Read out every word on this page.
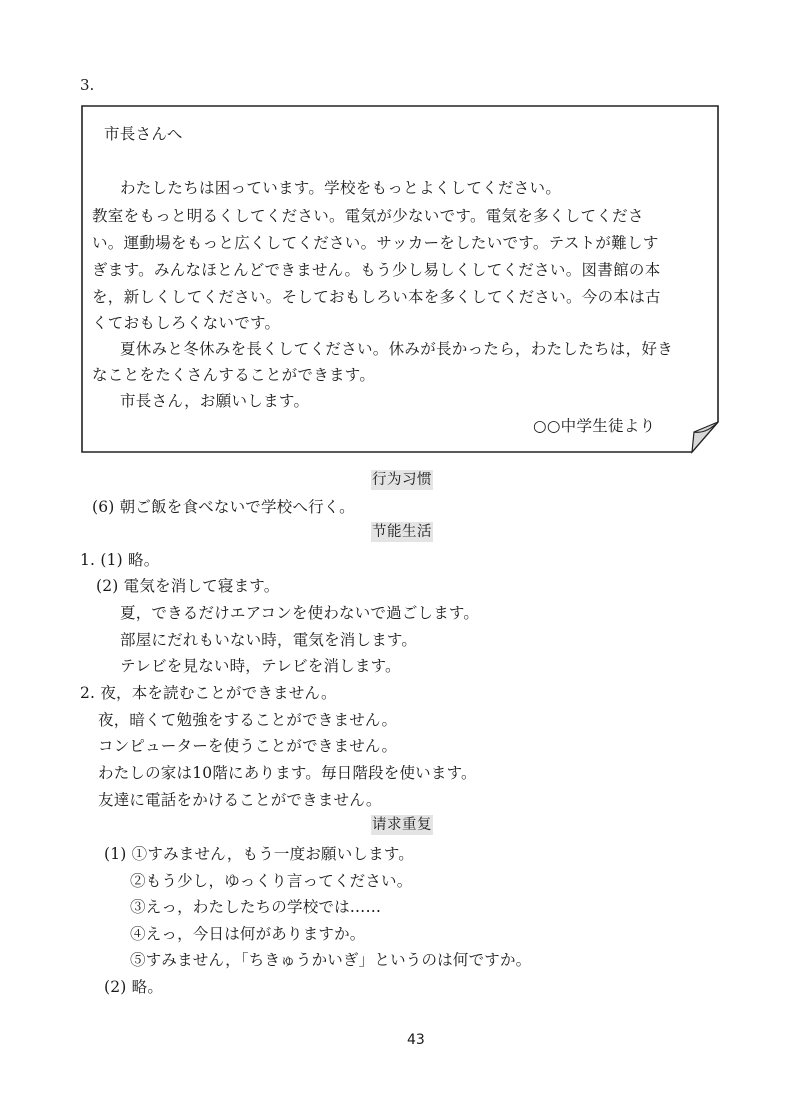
3.
市長さんへ
わたしたちは困っています。学校をもっとよくしてください。
教室をもっと明るくしてください。電気が少ないです。電気を多くしてくださ
い。運動場をもっと広くしてください。サッカーをしたいです。テストが難しす
ぎます。みんなほとんどできません。もう少し易しくしてください。図書館の本
を，新しくしてください。そしておもしろい本を多くしてください。今の本は古
くておもしろくないです。
夏休みと冬休みを長くしてください。休みが長かったら，わたしたちは，好き
なことをたくさんすることができます。
市長さん，お願いします。
○○中学生徒より
行为习惯
(6) 朝ご飯を食べないで学校へ行く。
节能生活
1. (1) 略。
(2) 電気を消して寝ます。
夏，できるだけエアコンを使わないで過ごします。
部屋にだれもいない時，電気を消します。
テレビを見ない時，テレビを消します。
2. 夜，本を読むことができません。
夜，暗くて勉強をすることができません。
コンピューターを使うことができません。
わたしの家は10階にあります。毎日階段を使います。
友達に電話をかけることができません。
请求重复
(1) ①すみません，もう一度お願いします。
②もう少し，ゆっくり言ってください。
③えっ，わたしたちの学校では……
④えっ，今日は何がありますか。
⑤すみません，「ちきゅうかいぎ」というのは何ですか。
(2) 略。
43
